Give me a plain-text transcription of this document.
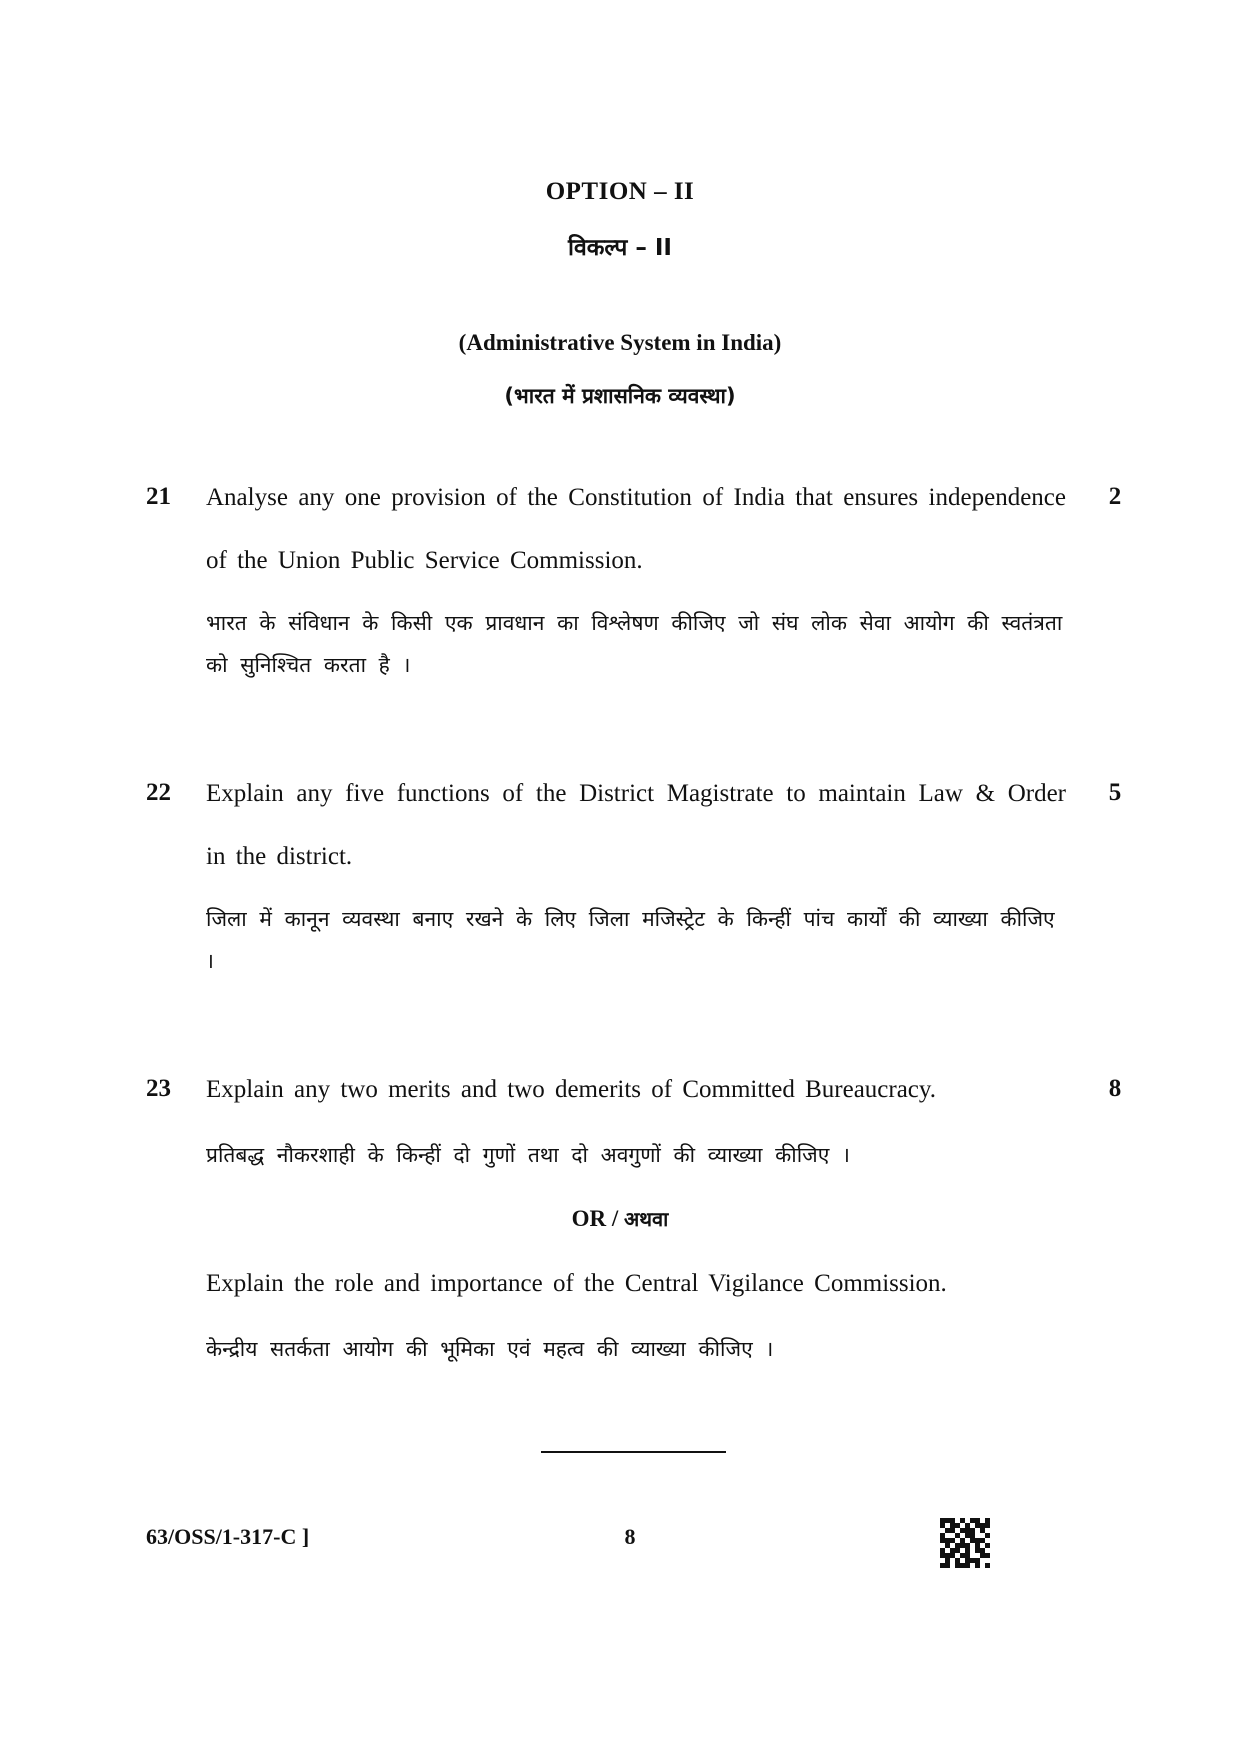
OPTION – II
विकल्प – II
(Administrative System in India)
(भारत में प्रशासनिक व्यवस्था)
21	2
Analyse any one provision of the Constitution of India that ensures independence of the Union Public Service Commission.
भारत के संविधान के किसी एक प्रावधान का विश्लेषण कीजिए जो संघ लोक सेवा आयोग की स्वतंत्रता को सुनिश्चित करता है ।
22	5
Explain any five functions of the District Magistrate to maintain Law & Order in the district.
जिला में कानून व्यवस्था बनाए रखने के लिए जिला मजिस्ट्रेट के किन्हीं पांच कार्यों की व्याख्या कीजिए ।
23	8
Explain any two merits and two demerits of Committed Bureaucracy.
प्रतिबद्ध नौकरशाही के किन्हीं दो गुणों तथा दो अवगुणों की व्याख्या कीजिए ।
OR / अथवा
Explain the role and importance of the Central Vigilance Commission.
केन्द्रीय सतर्कता आयोग की भूमिका एवं महत्व की व्याख्या कीजिए ।
63/OSS/1-317-C ]	8
